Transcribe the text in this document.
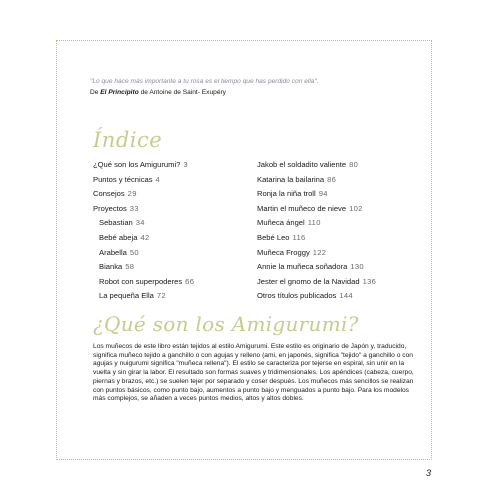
"Lo que hace más importante a tu rosa es el tiempo que has perdido con ella".
De El Principito de Antoine de Saint- Exupéry
Índice
¿Qué son los Amigurumi? 3
Puntos y técnicas 4
Consejos 29
Proyectos 33
Sebastian 34
Bebé abeja 42
Arabella 50
Bianka 58
Robot con superpoderes 66
La pequeña Ella 72
Jakob el soldadito valiente 80
Katarina la bailarina 86
Ronja la niña troll 94
Martin el muñeco de nieve 102
Muñeca ángel 110
Bebé Leo 116
Muñeca Froggy 122
Annie la muñeca soñadora 130
Jester el gnomo de la Navidad 136
Otros títulos publicados 144
¿Qué son los Amigurumi?
Los muñecos de este libro están tejidos al estilo Amigurumi. Este estilo es originario de Japón y, traducido, significa muñeco tejido a ganchillo o con agujas y relleno (ami, en japonés, significa "tejido" a ganchillo o con agujas y nuigurumi significa "muñeca rellena"). El estilo se caracteriza por tejerse en espiral, sin unir en la vuelta y sin girar la labor. El resultado son formas suaves y tridimensionales. Los apéndices (cabeza, cuerpo, piernas y brazos, etc.) se suelen tejer por separado y coser después. Los muñecos más sencillos se realizan con puntos básicos, como punto bajo, aumentos a punto bajo y menguados a punto bajo. Para los modelos más complejos, se añaden a veces puntos medios, altos y altos dobles.
3
